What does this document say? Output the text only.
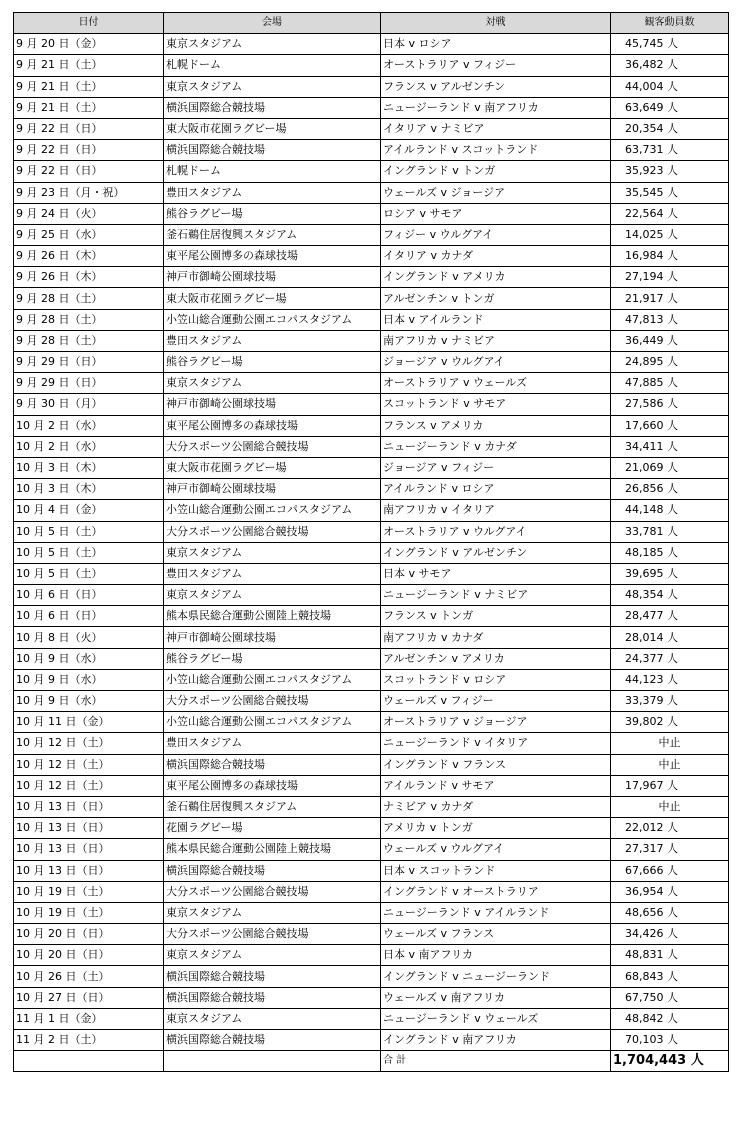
日付	会場	対戦	観客動員数
9 月 20 日（金）	東京スタジアム	日本 v ロシア	45,745 人
9 月 21 日（土）	札幌ドーム	オーストラリア v フィジー	36,482 人
9 月 21 日（土）	東京スタジアム	フランス v アルゼンチン	44,004 人
9 月 21 日（土）	横浜国際総合競技場	ニュージーランド v 南アフリカ	63,649 人
9 月 22 日（日）	東大阪市花園ラグビー場	イタリア v ナミビア	20,354 人
9 月 22 日（日）	横浜国際総合競技場	アイルランド v スコットランド	63,731 人
9 月 22 日（日）	札幌ドーム	イングランド v トンガ	35,923 人
9 月 23 日（月・祝）	豊田スタジアム	ウェールズ v ジョージア	35,545 人
9 月 24 日（火）	熊谷ラグビー場	ロシア v サモア	22,564 人
9 月 25 日（水）	釜石鵜住居復興スタジアム	フィジー v ウルグアイ	14,025 人
9 月 26 日（木）	東平尾公園博多の森球技場	イタリア v カナダ	16,984 人
9 月 26 日（木）	神戸市御崎公園球技場	イングランド v アメリカ	27,194 人
9 月 28 日（土）	東大阪市花園ラグビー場	アルゼンチン v トンガ	21,917 人
9 月 28 日（土）	小笠山総合運動公園エコパスタジアム	日本 v アイルランド	47,813 人
9 月 28 日（土）	豊田スタジアム	南アフリカ v ナミビア	36,449 人
9 月 29 日（日）	熊谷ラグビー場	ジョージア v ウルグアイ	24,895 人
9 月 29 日（日）	東京スタジアム	オーストラリア v ウェールズ	47,885 人
9 月 30 日（月）	神戸市御崎公園球技場	スコットランド v サモア	27,586 人
10 月 2 日（水）	東平尾公園博多の森球技場	フランス v アメリカ	17,660 人
10 月 2 日（水）	大分スポーツ公園総合競技場	ニュージーランド v カナダ	34,411 人
10 月 3 日（木）	東大阪市花園ラグビー場	ジョージア v フィジー	21,069 人
10 月 3 日（木）	神戸市御崎公園球技場	アイルランド v ロシア	26,856 人
10 月 4 日（金）	小笠山総合運動公園エコパスタジアム	南アフリカ v イタリア	44,148 人
10 月 5 日（土）	大分スポーツ公園総合競技場	オーストラリア v ウルグアイ	33,781 人
10 月 5 日（土）	東京スタジアム	イングランド v アルゼンチン	48,185 人
10 月 5 日（土）	豊田スタジアム	日本 v サモア	39,695 人
10 月 6 日（日）	東京スタジアム	ニュージーランド v ナミビア	48,354 人
10 月 6 日（日）	熊本県民総合運動公園陸上競技場	フランス v トンガ	28,477 人
10 月 8 日（火）	神戸市御崎公園球技場	南アフリカ v カナダ	28,014 人
10 月 9 日（水）	熊谷ラグビー場	アルゼンチン v アメリカ	24,377 人
10 月 9 日（水）	小笠山総合運動公園エコパスタジアム	スコットランド v ロシア	44,123 人
10 月 9 日（水）	大分スポーツ公園総合競技場	ウェールズ v フィジー	33,379 人
10 月 11 日（金）	小笠山総合運動公園エコパスタジアム	オーストラリア v ジョージア	39,802 人
10 月 12 日（土）	豊田スタジアム	ニュージーランド v イタリア	中止
10 月 12 日（土）	横浜国際総合競技場	イングランド v フランス	中止
10 月 12 日（土）	東平尾公園博多の森球技場	アイルランド v サモア	17,967 人
10 月 13 日（日）	釜石鵜住居復興スタジアム	ナミビア v カナダ	中止
10 月 13 日（日）	花園ラグビー場	アメリカ v トンガ	22,012 人
10 月 13 日（日）	熊本県民総合運動公園陸上競技場	ウェールズ v ウルグアイ	27,317 人
10 月 13 日（日）	横浜国際総合競技場	日本 v スコットランド	67,666 人
10 月 19 日（土）	大分スポーツ公園総合競技場	イングランド v オーストラリア	36,954 人
10 月 19 日（土）	東京スタジアム	ニュージーランド v アイルランド	48,656 人
10 月 20 日（日）	大分スポーツ公園総合競技場	ウェールズ v フランス	34,426 人
10 月 20 日（日）	東京スタジアム	日本 v 南アフリカ	48,831 人
10 月 26 日（土）	横浜国際総合競技場	イングランド v ニュージーランド	68,843 人
10 月 27 日（日）	横浜国際総合競技場	ウェールズ v 南アフリカ	67,750 人
11 月 1 日（金）	東京スタジアム	ニュージーランド v ウェールズ	48,842 人
11 月 2 日（土）	横浜国際総合競技場	イングランド v 南アフリカ	70,103 人
		合 計	1,704,443 人
